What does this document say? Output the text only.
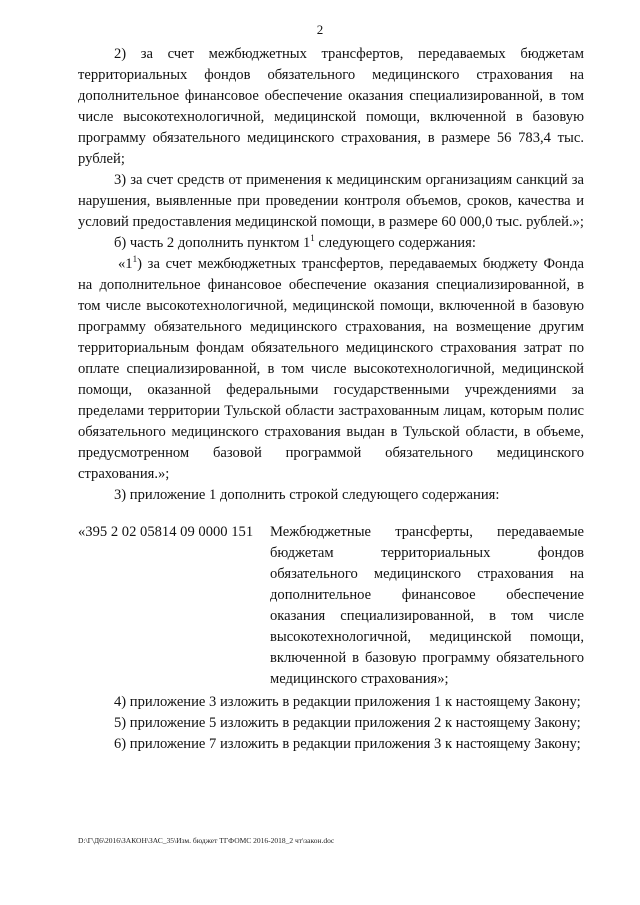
2

2) за счет межбюджетных трансфертов, передаваемых бюджетам территориальных фондов обязательного медицинского страхования на дополнительное финансовое обеспечение оказания специализированной, в том числе высокотехнологичной, медицинской помощи, включенной в базовую программу обязательного медицинского страхования, в размере 56 783,4 тыс. рублей;

3) за счет средств от применения к медицинским организациям санкций за нарушения, выявленные при проведении контроля объемов, сроков, качества и условий предоставления медицинской помощи, в размере 60 000,0 тыс. рублей.»;

б) часть 2 дополнить пунктом $1^1$ следующего содержания:

«$1^1$) за счет межбюджетных трансфертов, передаваемых бюджету Фонда на дополнительное финансовое обеспечение оказания специализированной, в том числе высокотехнологичной, медицинской помощи, включенной в базовую программу обязательного медицинского страхования, на возмещение другим территориальным фондам обязательного медицинского страхования затрат по оплате специализированной, в том числе высокотехнологичной, медицинской помощи, оказанной федеральными государственными учреждениями за пределами территории Тульской области застрахованным лицам, которым полис обязательного медицинского страхования выдан в Тульской области, в объеме, предусмотренном базовой программой обязательного медицинского страхования.»;

3) приложение 1 дополнить строкой следующего содержания:

«395 2 02 05814 09 0000 151	Межбюджетные трансферты, передаваемые бюджетам территориальных фондов обязательного медицинского страхования на дополнительное финансовое обеспечение оказания специализированной, в том числе высокотехнологичной, медицинской помощи, включенной в базовую программу обязательного медицинского страхования»;

4) приложение 3 изложить в редакции приложения 1 к настоящему Закону;

5) приложение 5 изложить в редакции приложения 2 к настоящему Закону;

6) приложение 7 изложить в редакции приложения 3 к настоящему Закону;

D:\Г\Д6\2016\ЗАКОН\ЗАС_35\Изм. бюджет ТГФОМС 2016-2018_2 чт\закон.doc
